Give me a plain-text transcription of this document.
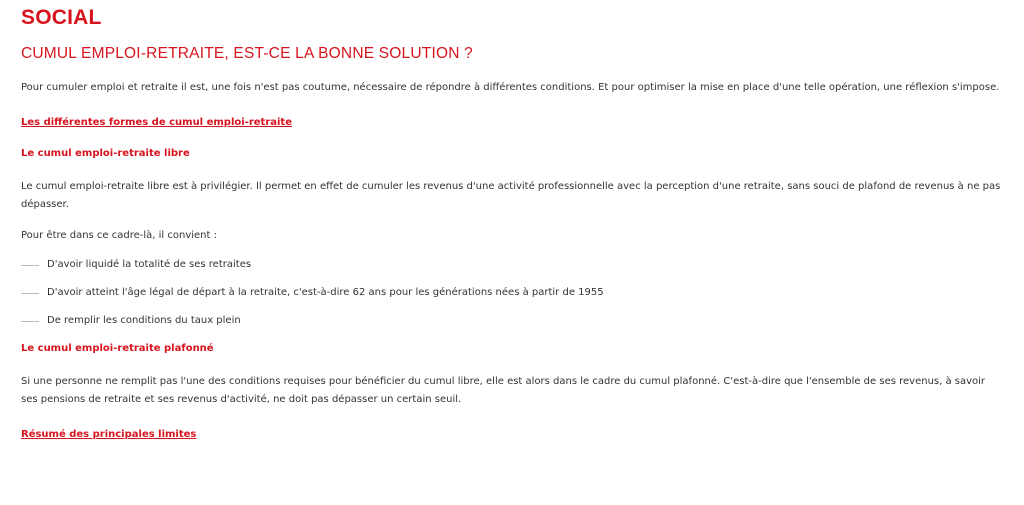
SOCIAL
CUMUL EMPLOI-RETRAITE, EST-CE LA BONNE SOLUTION ?

Pour cumuler emploi et retraite il est, une fois n'est pas coutume, nécessaire de répondre à différentes conditions. Et pour optimiser la mise en place d'une telle opération, une réflexion s'impose.

Les différentes formes de cumul emploi-retraite
Le cumul emploi-retraite libre

Le cumul emploi-retraite libre est à privilégier. Il permet en effet de cumuler les revenus d'une activité professionnelle avec la perception d'une retraite, sans souci de plafond de revenus à ne pas dépasser.

Pour être dans ce cadre-là, il convient :

D'avoir liquidé la totalité de ses retraites
D'avoir atteint l'âge légal de départ à la retraite, c'est-à-dire 62 ans pour les générations nées à partir de 1955
De remplir les conditions du taux plein
Le cumul emploi-retraite plafonné

Si une personne ne remplit pas l'une des conditions requises pour bénéficier du cumul libre, elle est alors dans le cadre du cumul plafonné. C'est-à-dire que l'ensemble de ses revenus, à savoir ses pensions de retraite et ses revenus d'activité, ne doit pas dépasser un certain seuil.

Résumé des principales limites
